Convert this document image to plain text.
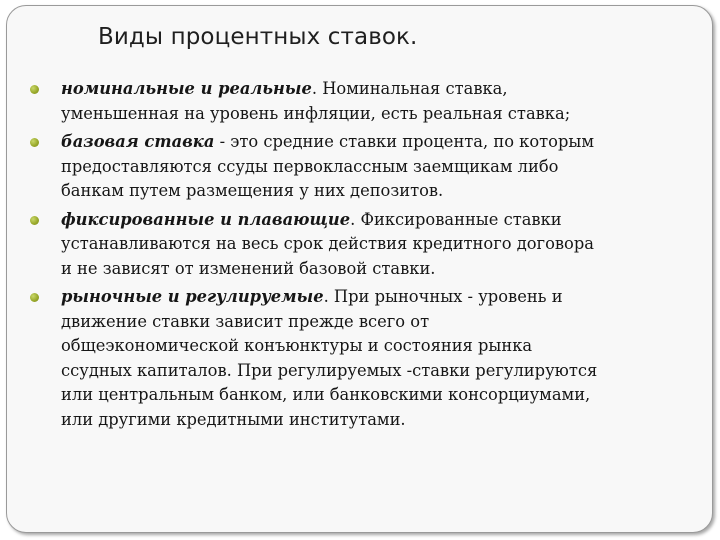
Виды процентных ставок.
номинальные и реальные. Номинальная ставка,
уменьшенная на уровень инфляции, есть реальная ставка;
базовая ставка - это средние ставки процента, по которым
предоставляются ссуды первоклассным заемщикам либо
банкам путем размещения у них депозитов.
фиксированные и плавающие. Фиксированные ставки
устанавливаются на весь срок действия кредитного договора
и не зависят от изменений базовой ставки.
рыночные и регулируемые. При рыночных - уровень и
движение ставки зависит прежде всего от
общеэкономической конъюнктуры и состояния рынка
ссудных капиталов. При регулируемых -ставки регулируются
или центральным банком, или банковскими консорциумами,
или другими кредитными институтами.
